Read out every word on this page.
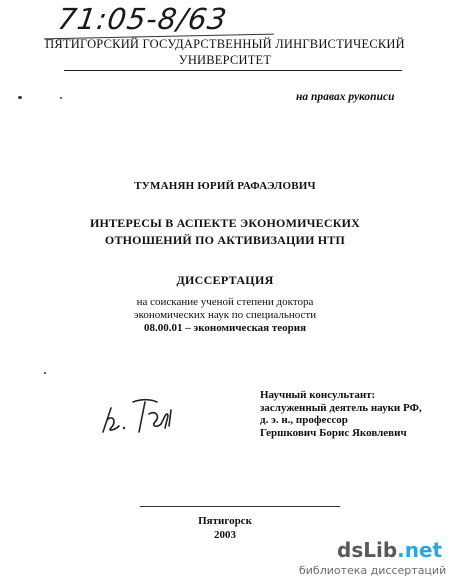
71:05-8/63
ПЯТИГОРСКИЙ ГОСУДАРСТВЕННЫЙ ЛИНГВИСТИЧЕСКИЙ
УНИВЕРСИТЕТ
на правах рукописи
ТУМАНЯН ЮРИЙ РАФАЭЛОВИЧ
ИНТЕРЕСЫ В АСПЕКТЕ ЭКОНОМИЧЕСКИХ
ОТНОШЕНИЙ ПО АКТИВИЗАЦИИ НТП
ДИССЕРТАЦИЯ
на соискание ученой степени доктора
экономических наук по специальности
08.00.01 – экономическая теория
Научный консультант:
заслуженный деятель науки РФ,
д. э. н., профессор
Гершкович Борис Яковлевич
Пятигорск
2003
dsLib.net
библиотека диссертаций
